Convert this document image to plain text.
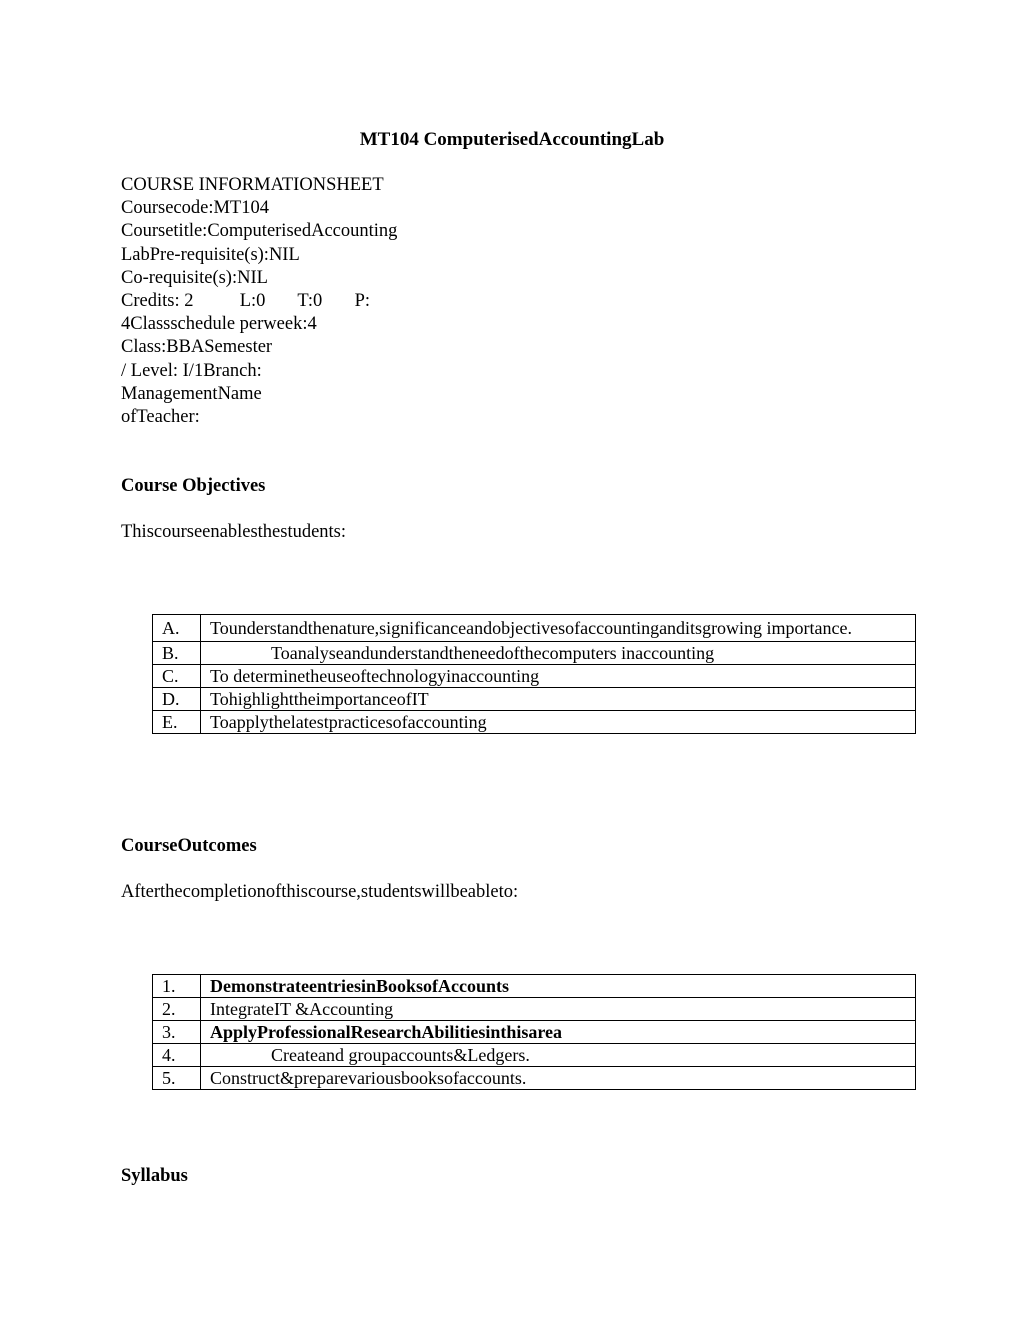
MT104 ComputerisedAccountingLab
COURSE INFORMATIONSHEET
Coursecode:MT104
Coursetitle:ComputerisedAccounting
LabPre-requisite(s):NIL
Co-requisite(s):NIL
Credits: 2          L:0       T:0       P:
4Classschedule perweek:4
Class:BBASemester
/ Level: I/1Branch:
ManagementName
ofTeacher:
Course Objectives
Thiscourseenablesthestudents:
A.	Tounderstandthenature,significanceandobjectivesofaccountinganditsgrowing importance.
B.	Toanalyseandunderstandtheneedofthecomputers inaccounting
C.	To determinetheuseoftechnologyinaccounting
D.	TohighlighttheimportanceofIT
E.	Toapplythelatestpracticesofaccounting
CourseOutcomes
Afterthecompletionofthiscourse,studentswillbeableto:
1.	DemonstrateentriesinBooksofAccounts
2.	IntegrateIT &Accounting
3.	ApplyProfessionalResearchAbilitiesinthisarea
4.	Createand groupaccounts&Ledgers.
5.	Construct&preparevariousbooksofaccounts.
Syllabus
